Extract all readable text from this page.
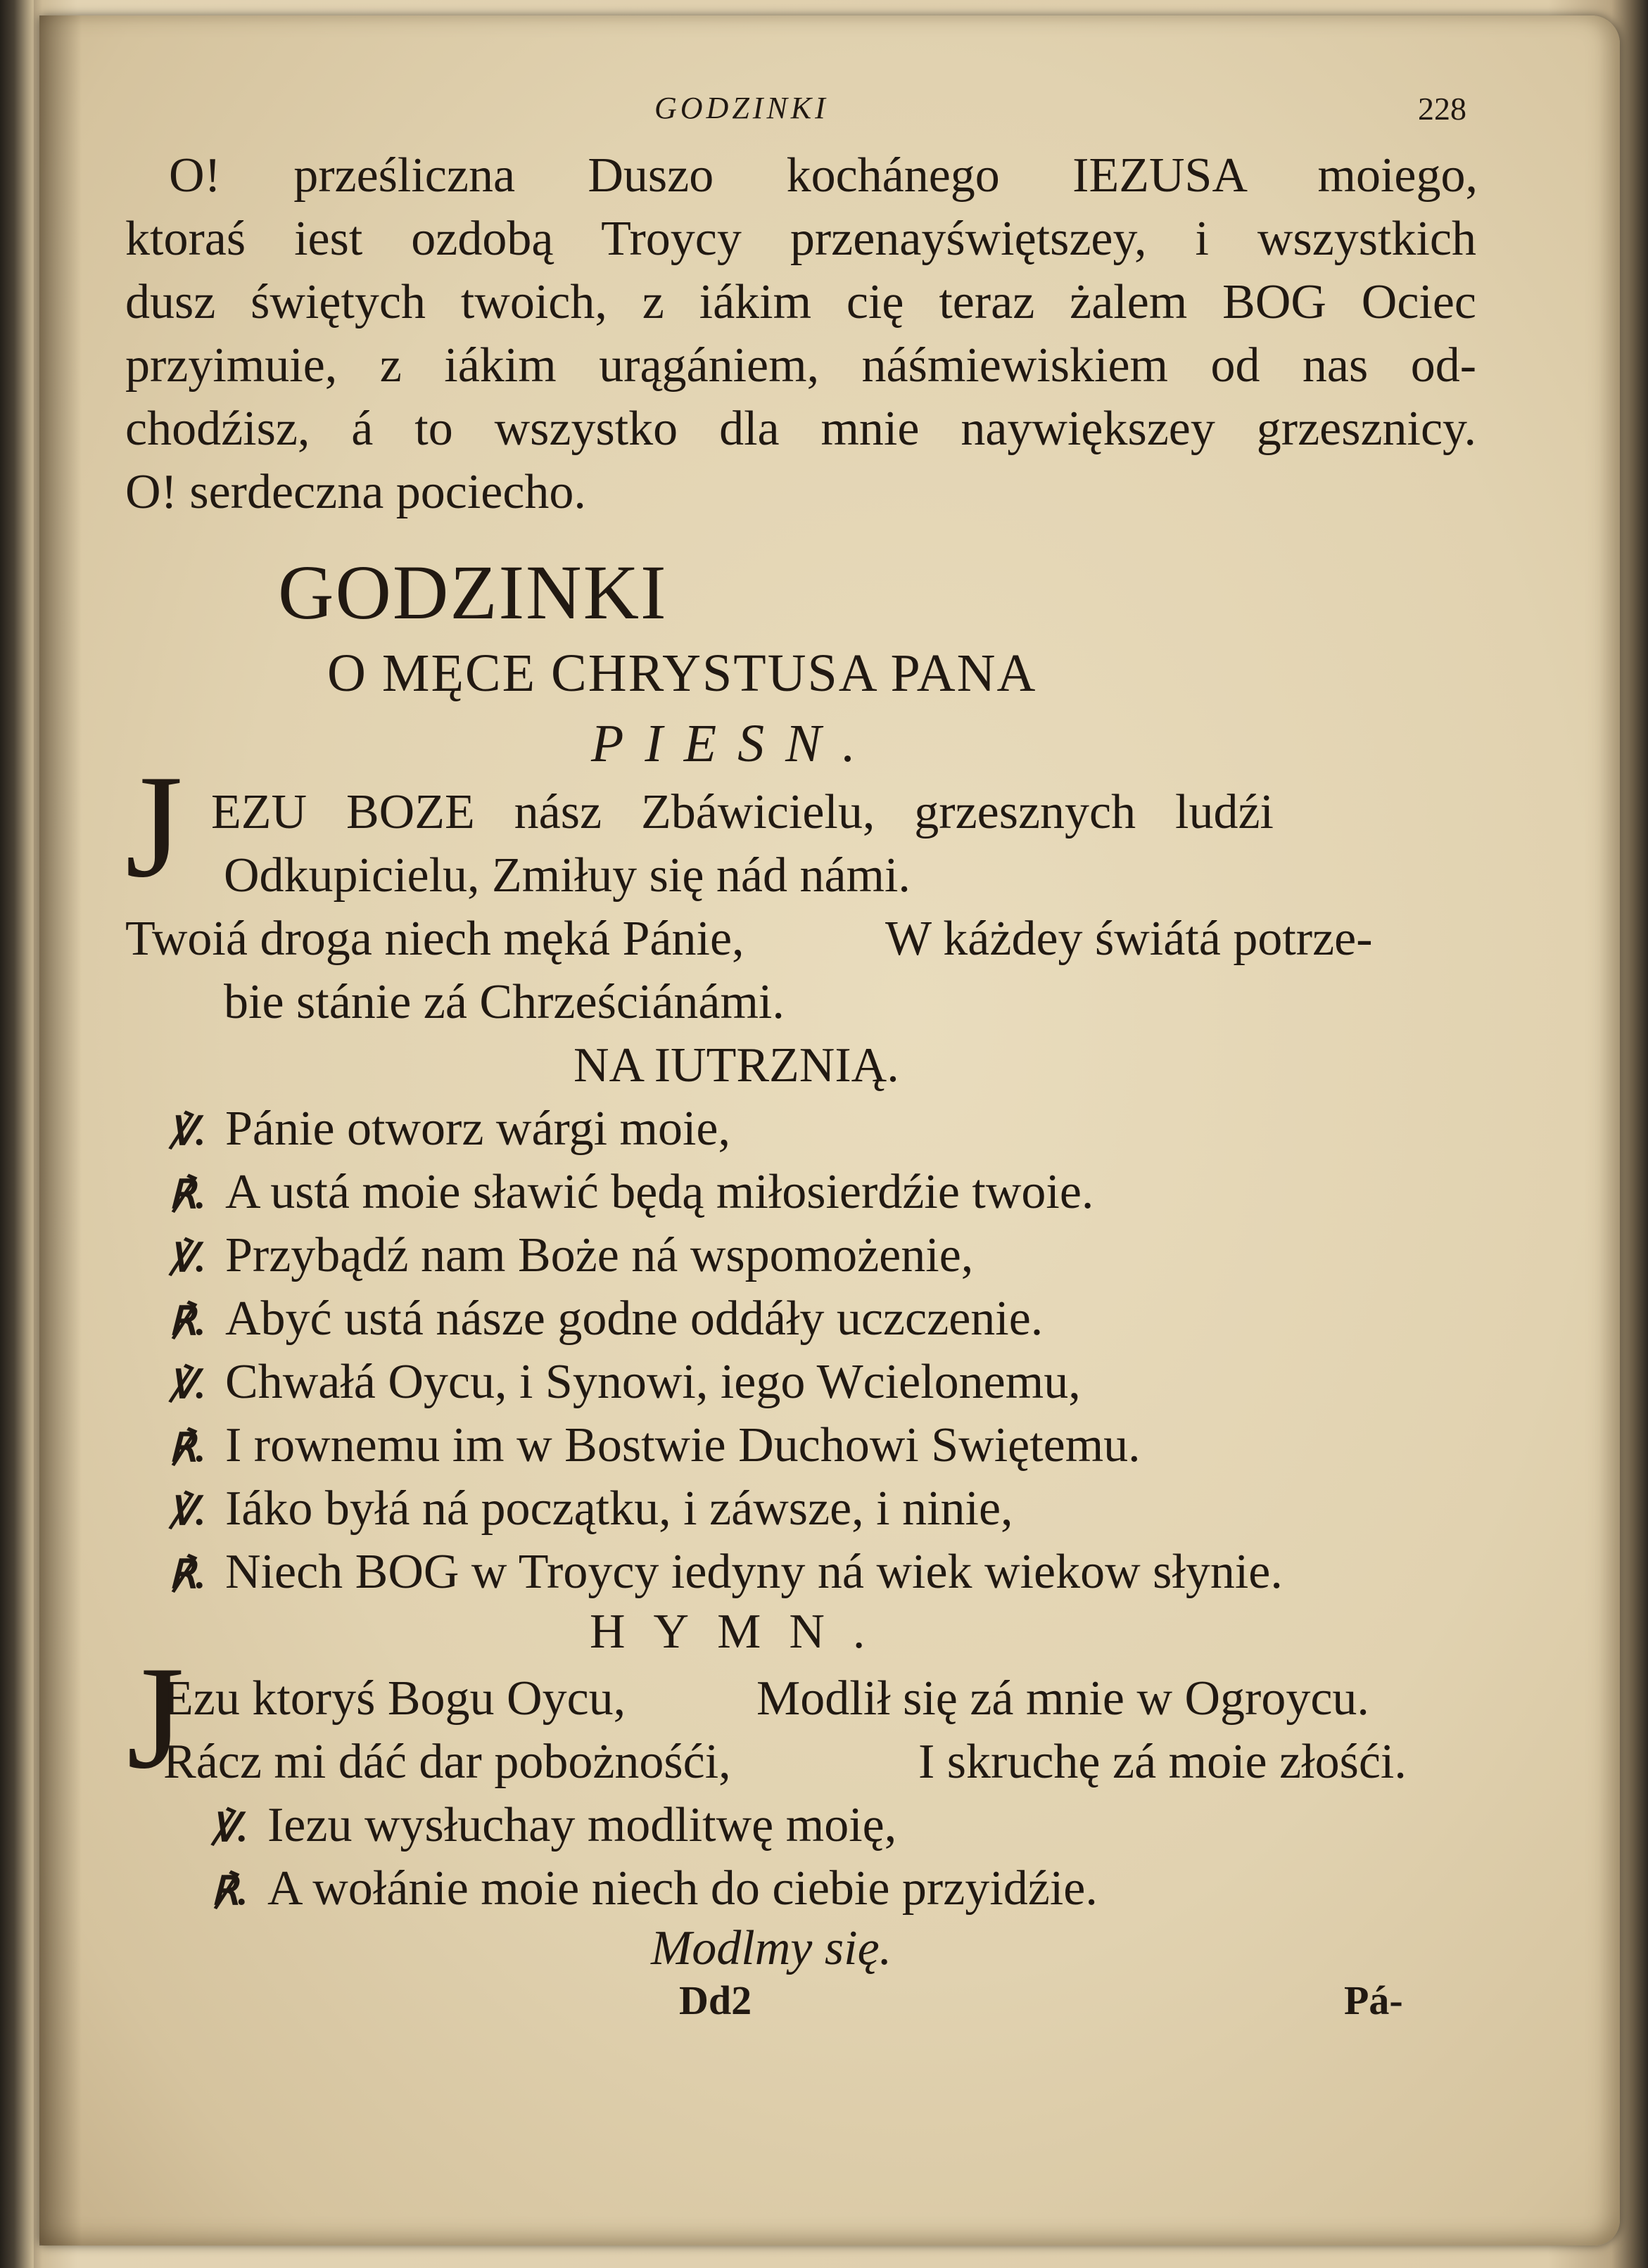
GODZINKI	228
O! prześliczna Duszo kochánego IEZUSA moiego,
ktoraś iest ozdobą Troycy przenayświętszey, i wszystkich
dusz świętych twoich, z iákim cię teraz żalem BOG Ociec
przyimuie, z iákim urągániem, náśmiewiskiem od nas od-
chodźisz, á to wszystko dla mnie naywiększey grzesznicy.
O! serdeczna pociecho.
GODZINKI
O MĘCE CHRYSTUSA PANA
PIESN.
J EZU BOZE nász Zbáwicielu, grzesznych ludźi
Odkupicielu, Zmiłuy się nád námi.
Twoiá droga niech męká Pánie,	W káżdey świátá potrze-
bie stánie zá Chrześciánámi.
NA IUTRZNIĄ.
℣. Pánie otworz wárgi moie,
℟. A ustá moie sławić będą miłosierdźie twoie.
℣. Przybądź nam Boże ná wspomożenie,
℟. Abyć ustá násze godne oddáły uczczenie.
℣. Chwałá Oycu, i Synowi, iego Wcielonemu,
℟. I rownemu im w Bostwie Duchowi Swiętemu.
℣. Iáko byłá ná początku, i záwsze, i ninie,
℟. Niech BOG w Troycy iedyny ná wiek wiekow słynie.
HYMN.
J
Ezu ktoryś Bogu Oycu,	Modlił się zá mnie w Ogroycu.
Rácz mi dáć dar pobożnośći,	I skruchę zá moie złośći.
℣. Iezu wysłuchay modlitwę moię,
℟. A wołánie moie niech do ciebie przyidźie.
Modlmy się.
Dd2	Pá-
